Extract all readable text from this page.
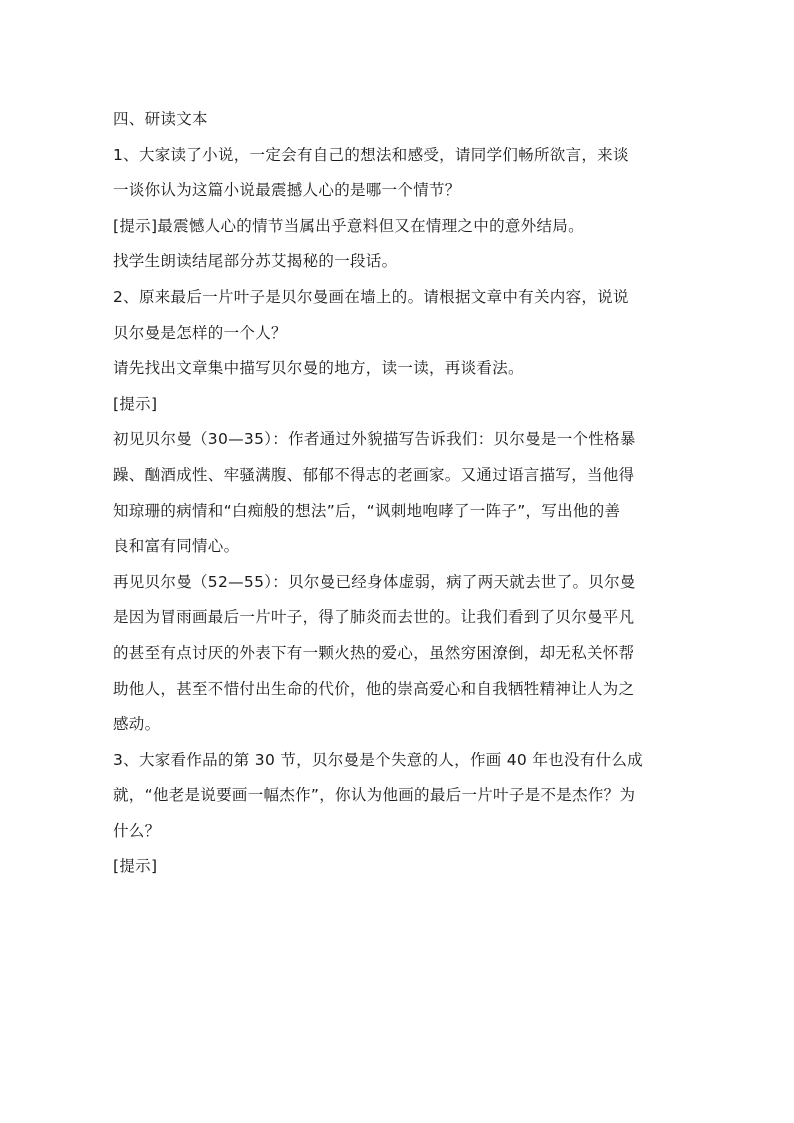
四、研读文本
1、大家读了小说，一定会有自己的想法和感受，请同学们畅所欲言，来谈
一谈你认为这篇小说最震撼人心的是哪一个情节？
[提示]最震憾人心的情节当属出乎意料但又在情理之中的意外结局。
找学生朗读结尾部分苏艾揭秘的一段话。
2、原来最后一片叶子是贝尔曼画在墙上的。请根据文章中有关内容，说说
贝尔曼是怎样的一个人？
请先找出文章集中描写贝尔曼的地方，读一读，再谈看法。
[提示]
初见贝尔曼（30—35）：作者通过外貌描写告诉我们：贝尔曼是一个性格暴
躁、酗酒成性、牢骚满腹、郁郁不得志的老画家。又通过语言描写，当他得
知琼珊的病情和“白痴般的想法”后，“讽刺地咆哮了一阵子”，写出他的善
良和富有同情心。
再见贝尔曼（52—55）：贝尔曼已经身体虚弱，病了两天就去世了。贝尔曼
是因为冒雨画最后一片叶子，得了肺炎而去世的。让我们看到了贝尔曼平凡
的甚至有点讨厌的外表下有一颗火热的爱心，虽然穷困潦倒，却无私关怀帮
助他人，甚至不惜付出生命的代价，他的崇高爱心和自我牺牲精神让人为之
感动。
3、大家看作品的第 30 节，贝尔曼是个失意的人，作画 40 年也没有什么成
就，“他老是说要画一幅杰作”，你认为他画的最后一片叶子是不是杰作？为
什么？
[提示]
